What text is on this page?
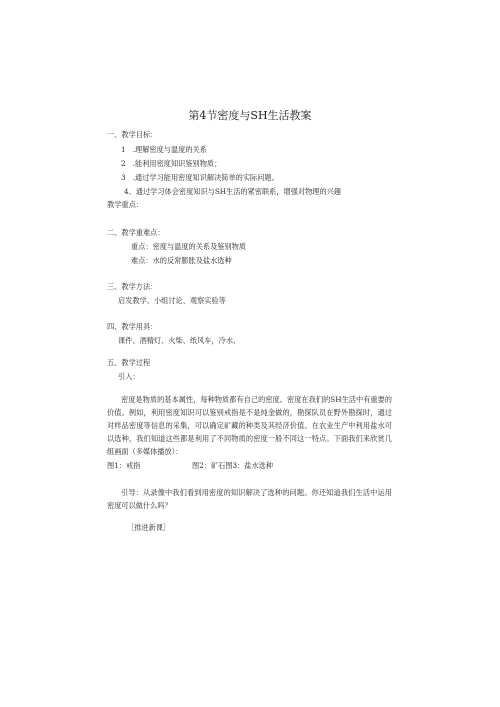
第4节密度与SH生活教案
一、教学目标：
1　.理解密度与温度的关系
2　.能利用密度知识鉴别物质；
3　.通过学习能用密度知识解决简单的实际问题。
4、通过学习体会密度知识与SH生活的紧密联系，增强对物理的兴趣
教学重点：
二、教学重难点：
重点：密度与温度的关系及鉴别物质
难点：水的反常膨胀及盐水选种
三、教学方法：
启发教学、小组讨论、观察实验等
四、教学用具：
课件、酒精灯、火柴、纸风车，冷水、
五、教学过程
引入：
密度是物质的基本属性，每种物质都有自己的密度。密度在我们的SH生活中有重要的价值。例如，利用密度知识可以鉴别戒指是不是纯金做的，勘探队员在野外勘探时，通过对样品密度等信息的采集，可以确定矿藏的种类及其经济价值。在农业生产中利用盐水可以选种，我们知道这些都是利用了不同物质的密度一般不同这一特点。下面我们来欣赏几组画面（多媒体播放）：
图1：戒指	图2：矿石图3：盐水选种
引导：从录像中我们看到用密度的知识解决了选种的问题。你还知道我们生活中运用密度可以做什么吗？
［推进新课］
